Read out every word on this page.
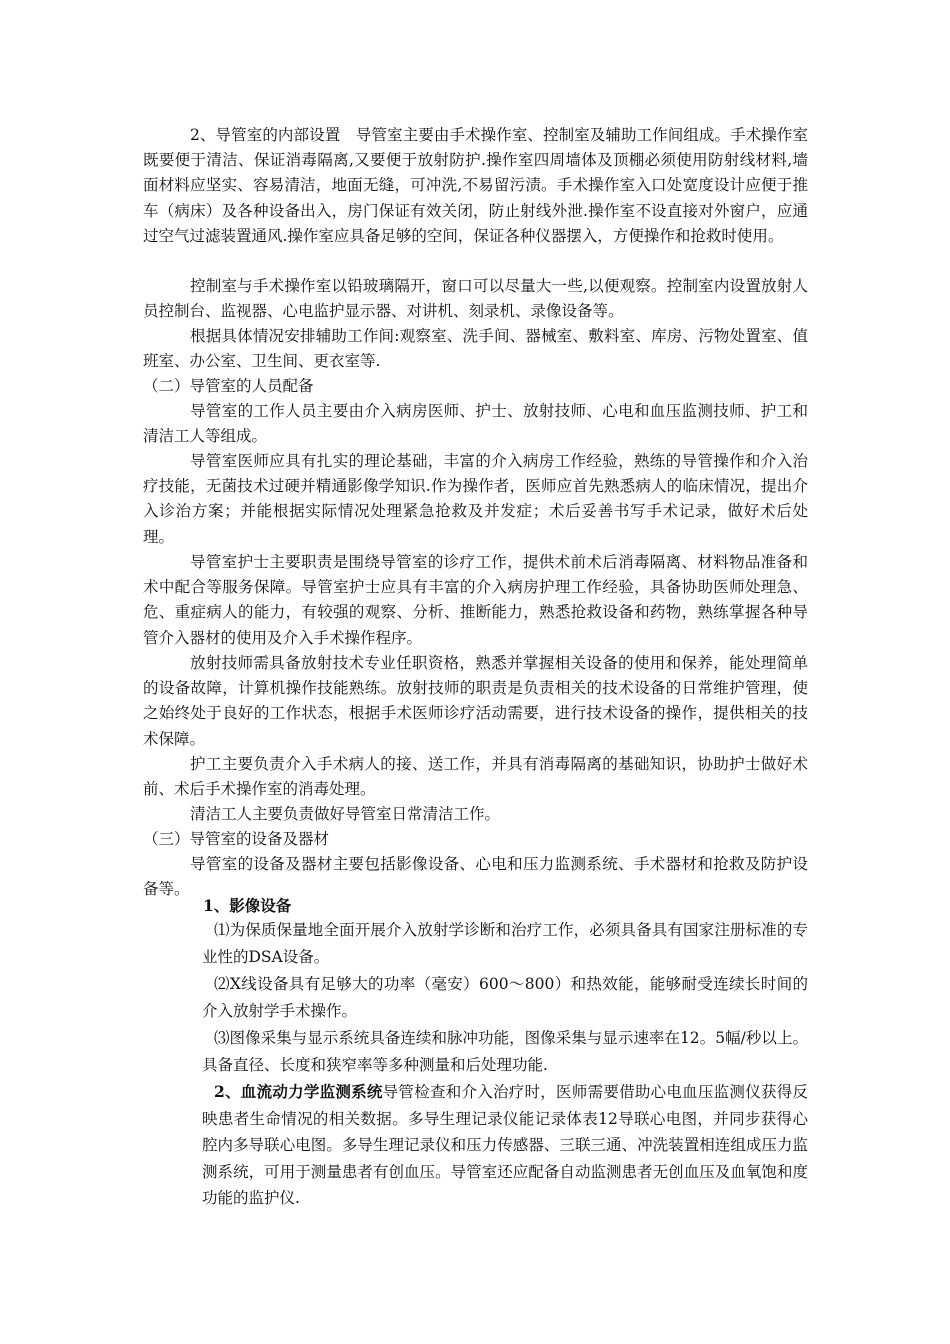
2、导管室的内部设置　导管室主要由手术操作室、控制室及辅助工作间组成。手术操作室既要便于清洁、保证消毒隔离,又要便于放射防护.操作室四周墙体及顶棚必须使用防射线材料,墙面材料应坚实、容易清洁，地面无缝，可冲洗,不易留污渍。手术操作室入口处宽度设计应便于推车（病床）及各种设备出入，房门保证有效关闭，防止射线外泄.操作室不设直接对外窗户，应通过空气过滤装置通风.操作室应具备足够的空间，保证各种仪器摆入，方便操作和抢救时使用。

控制室与手术操作室以铅玻璃隔开，窗口可以尽量大一些,以便观察。控制室内设置放射人员控制台、监视器、心电监护显示器、对讲机、刻录机、录像设备等。

根据具体情况安排辅助工作间:观察室、洗手间、器械室、敷料室、库房、污物处置室、值班室、办公室、卫生间、更衣室等.

（二）导管室的人员配备

导管室的工作人员主要由介入病房医师、护士、放射技师、心电和血压监测技师、护工和清洁工人等组成。

导管室医师应具有扎实的理论基础，丰富的介入病房工作经验，熟练的导管操作和介入治疗技能，无菌技术过硬并精通影像学知识.作为操作者，医师应首先熟悉病人的临床情况，提出介入诊治方案；并能根据实际情况处理紧急抢救及并发症；术后妥善书写手术记录，做好术后处理。

导管室护士主要职责是围绕导管室的诊疗工作，提供术前术后消毒隔离、材料物品准备和术中配合等服务保障。导管室护士应具有丰富的介入病房护理工作经验，具备协助医师处理急、危、重症病人的能力，有较强的观察、分析、推断能力，熟悉抢救设备和药物，熟练掌握各种导管介入器材的使用及介入手术操作程序。

放射技师需具备放射技术专业任职资格，熟悉并掌握相关设备的使用和保养，能处理简单的设备故障，计算机操作技能熟练。放射技师的职责是负责相关的技术设备的日常维护管理，使之始终处于良好的工作状态，根据手术医师诊疗活动需要，进行技术设备的操作，提供相关的技术保障。

护工主要负责介入手术病人的接、送工作，并具有消毒隔离的基础知识，协助护士做好术前、术后手术操作室的消毒处理。

清洁工人主要负责做好导管室日常清洁工作。

（三）导管室的设备及器材

导管室的设备及器材主要包括影像设备、心电和压力监测系统、手术器材和抢救及防护设备等。

1、影像设备

⑴为保质保量地全面开展介入放射学诊断和治疗工作，必须具备具有国家注册标准的专业性的DSA设备。

⑵X线设备具有足够大的功率（毫安）600～800）和热效能，能够耐受连续长时间的介入放射学手术操作。

⑶图像采集与显示系统具备连续和脉冲功能，图像采集与显示速率在12。5幅/秒以上。具备直径、长度和狭窄率等多种测量和后处理功能.

2、血流动力学监测系统导管检查和介入治疗时，医师需要借助心电血压监测仪获得反映患者生命情况的相关数据。多导生理记录仪能记录体表12导联心电图，并同步获得心腔内多导联心电图。多导生理记录仪和压力传感器、三联三通、冲洗装置相连组成压力监测系统，可用于测量患者有创血压。导管室还应配备自动监测患者无创血压及血氧饱和度功能的监护仪.
